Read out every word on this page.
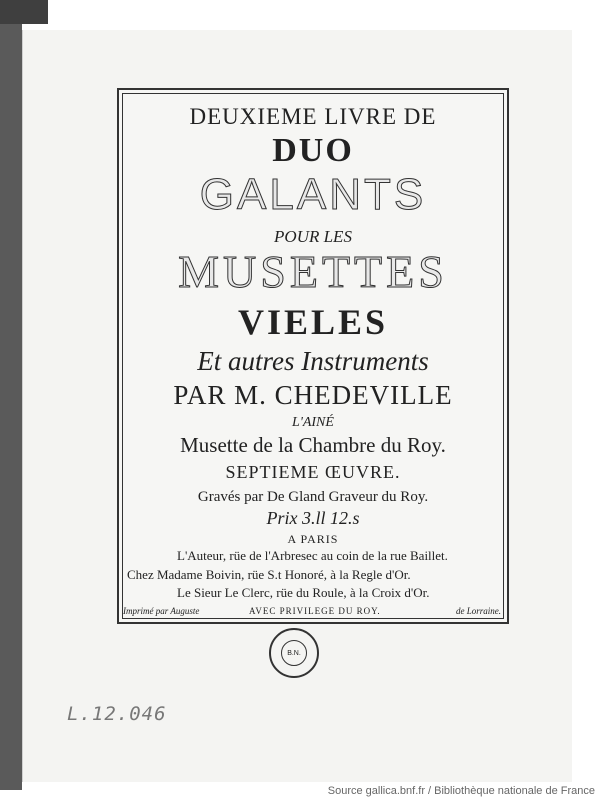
DEUXIEME LIVRE DE
DUO
GALANTS
POUR LES
MUSETTES
VIELES
Et autres Instruments
PAR M. CHEDEVILLE
L'AINÉ
Musette de la Chambre du Roy.
SEPTIEME ŒUVRE.
Gravés par De Gland Graveur du Roy.
Prix 3.ll 12.s
A PARIS
L'Auteur, rüe de l'Arbresec au coin de la rue Baillet.
Chez Madame Boivin, rüe S.t Honoré, à la Regle d'Or.
Le Sieur Le Clerc, rüe du Roule, à la Croix d'Or.
Imprimé par Auguste	AVEC PRIVILEGE DU ROY.	de Lorraine.
B.N.
L.12.046
Source gallica.bnf.fr / Bibliothèque nationale de France
